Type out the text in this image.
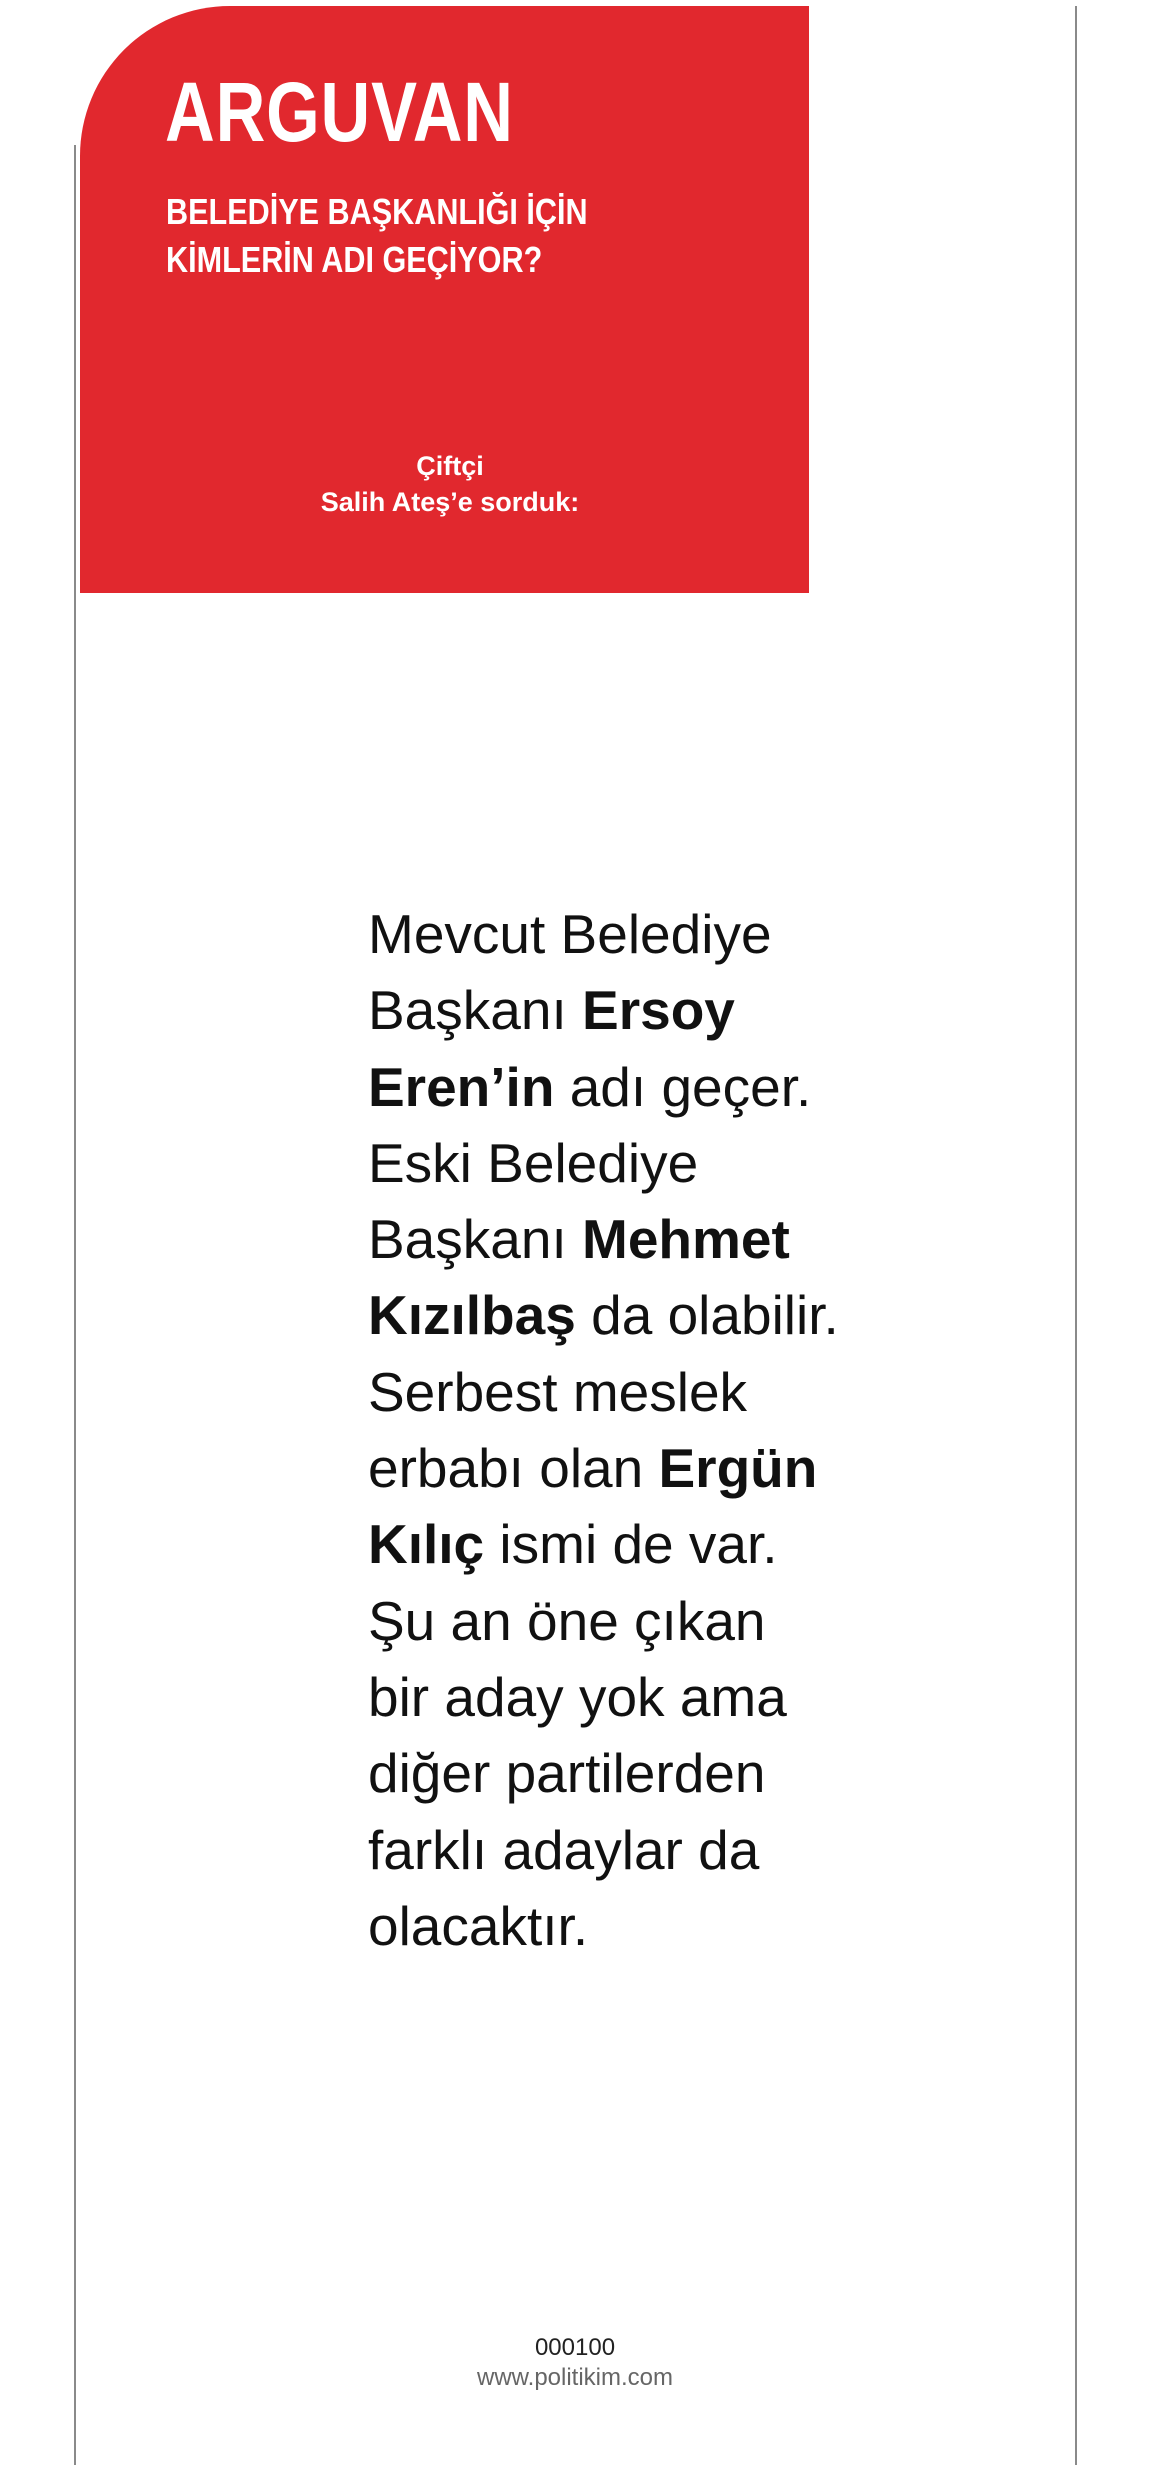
ARGUVAN
BELEDİYE BAŞKANLIĞI İÇİN
KİMLERİN ADI GEÇİYOR?
Çiftçi
Salih Ateş’e sorduk:
Mevcut Belediye
Başkanı Ersoy
Eren’in adı geçer.
Eski Belediye
Başkanı Mehmet
Kızılbaş da olabilir.
Serbest meslek
erbabı olan Ergün
Kılıç ismi de var.
Şu an öne çıkan
bir aday yok ama
diğer partilerden
farklı adaylar da
olacaktır.
000100
www.politikim.com
